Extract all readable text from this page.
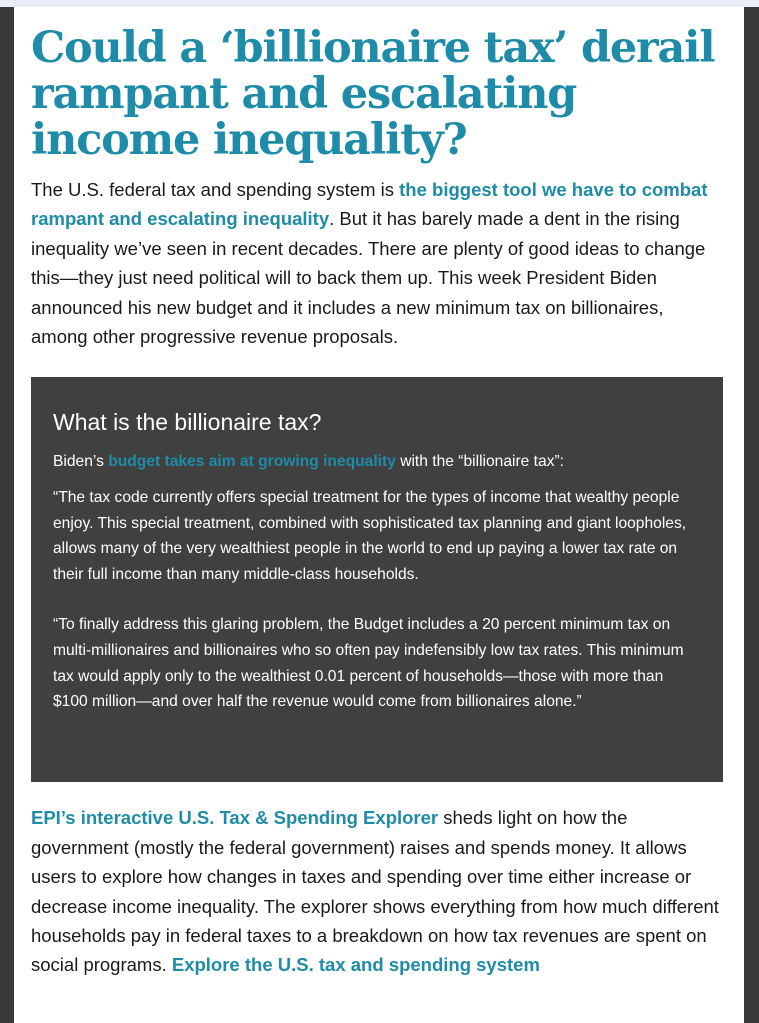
Could a ‘billionaire tax’ derail rampant and escalating income inequality?

The U.S. federal tax and spending system is the biggest tool we have to combat rampant and escalating inequality. But it has barely made a dent in the rising inequality we’ve seen in recent decades. There are plenty of good ideas to change this—they just need political will to back them up. This week President Biden announced his new budget and it includes a new minimum tax on billionaires, among other progressive revenue proposals.

What is the billionaire tax?

Biden’s budget takes aim at growing inequality with the “billionaire tax”:

“The tax code currently offers special treatment for the types of income that wealthy people enjoy. This special treatment, combined with sophisticated tax planning and giant loopholes, allows many of the very wealthiest people in the world to end up paying a lower tax rate on their full income than many middle-class households.

“To finally address this glaring problem, the Budget includes a 20 percent minimum tax on multi-millionaires and billionaires who so often pay indefensibly low tax rates. This minimum tax would apply only to the wealthiest 0.01 percent of households—those with more than $100 million—and over half the revenue would come from billionaires alone.”

EPI’s interactive U.S. Tax & Spending Explorer sheds light on how the government (mostly the federal government) raises and spends money. It allows users to explore how changes in taxes and spending over time either increase or decrease income inequality. The explorer shows everything from how much different households pay in federal taxes to a breakdown on how tax revenues are spent on social programs. Explore the U.S. tax and spending system
